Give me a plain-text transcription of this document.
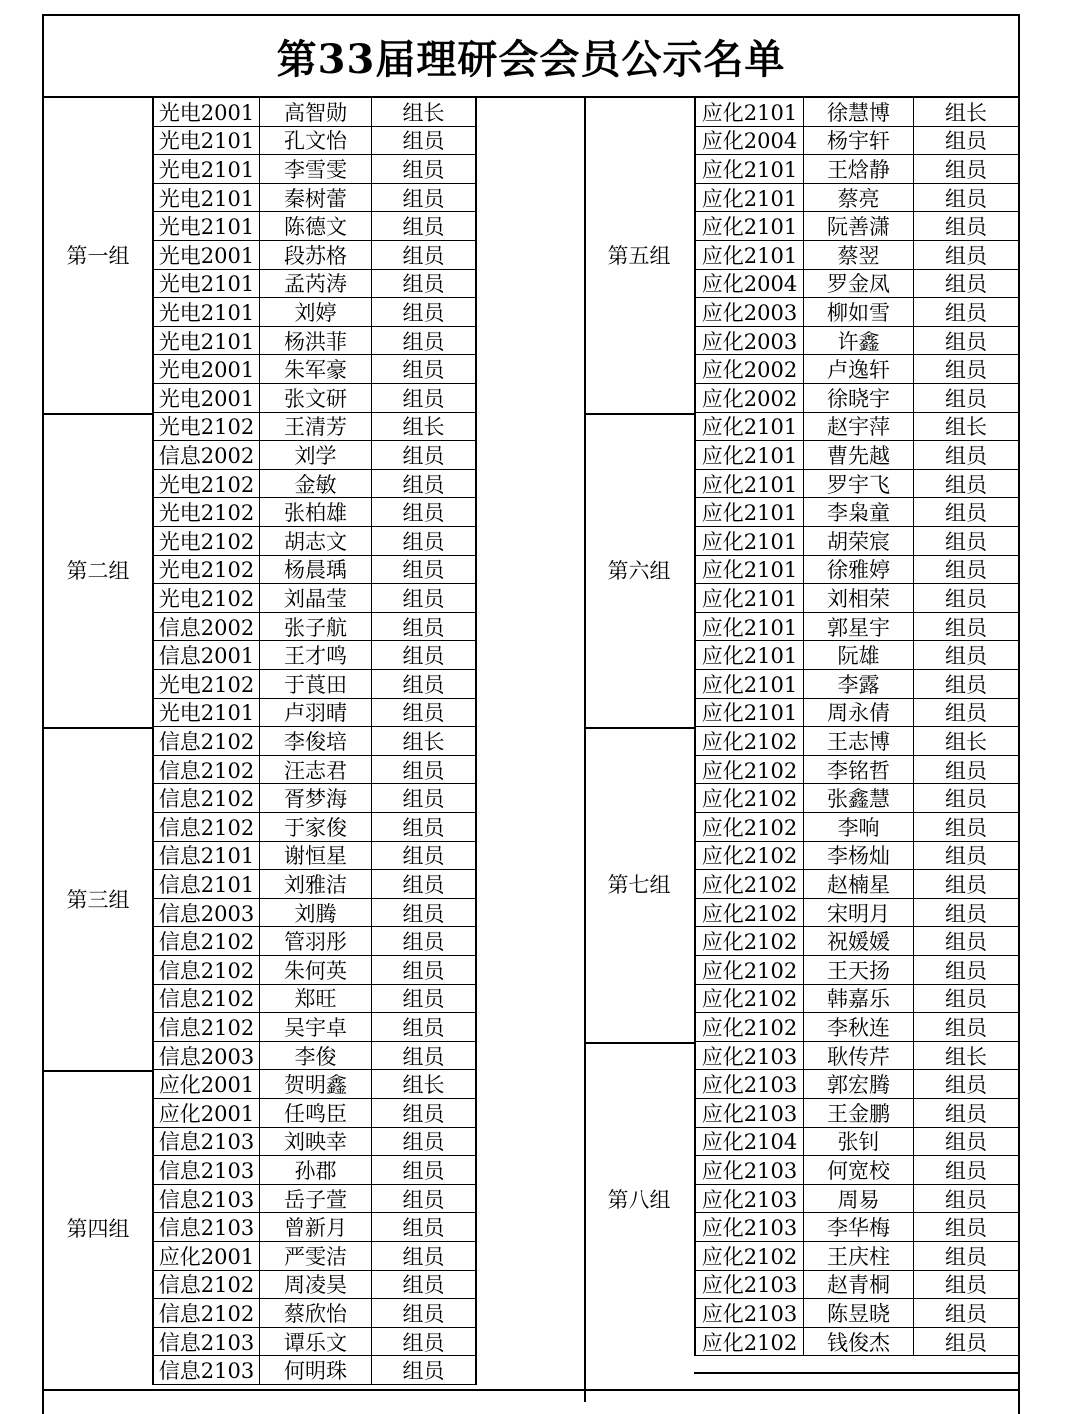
第33届理研会会员公示名单
第一组
光电2001	高智勋	组长
光电2101	孔文怡	组员
光电2101	李雪雯	组员
光电2101	秦树蕾	组员
光电2101	陈德文	组员
光电2001	段苏格	组员
光电2101	孟芮涛	组员
光电2101	刘婷	组员
光电2101	杨洪菲	组员
光电2001	朱军豪	组员
光电2001	张文研	组员
第二组
光电2102	王清芳	组长
信息2002	刘学	组员
光电2102	金敏	组员
光电2102	张柏雄	组员
光电2102	胡志文	组员
光电2102	杨晨瑀	组员
光电2102	刘晶莹	组员
信息2002	张子航	组员
信息2001	王才鸣	组员
光电2102	于莨田	组员
光电2101	卢羽晴	组员
第三组
信息2102	李俊培	组长
信息2102	汪志君	组员
信息2102	胥梦海	组员
信息2102	于家俊	组员
信息2101	谢恒星	组员
信息2101	刘雅洁	组员
信息2003	刘腾	组员
信息2102	管羽彤	组员
信息2102	朱何英	组员
信息2102	郑旺	组员
信息2102	吴宇卓	组员
信息2003	李俊	组员
第四组
应化2001	贺明鑫	组长
应化2001	任鸣臣	组员
信息2103	刘映幸	组员
信息2103	孙郡	组员
信息2103	岳子萱	组员
信息2103	曾新月	组员
应化2001	严雯洁	组员
信息2102	周凌昊	组员
信息2102	蔡欣怡	组员
信息2103	谭乐文	组员
信息2103	何明珠	组员
第五组
应化2101	徐慧博	组长
应化2004	杨宇轩	组员
应化2101	王焓静	组员
应化2101	蔡亮	组员
应化2101	阮善潇	组员
应化2101	蔡翌	组员
应化2004	罗金凤	组员
应化2003	柳如雪	组员
应化2003	许鑫	组员
应化2002	卢逸轩	组员
应化2002	徐晓宇	组员
第六组
应化2101	赵宇萍	组长
应化2101	曹先越	组员
应化2101	罗宇飞	组员
应化2101	李枭童	组员
应化2101	胡荣宸	组员
应化2101	徐雅婷	组员
应化2101	刘相荣	组员
应化2101	郭星宇	组员
应化2101	阮雄	组员
应化2101	李露	组员
应化2101	周永倩	组员
第七组
应化2102	王志博	组长
应化2102	李铭哲	组员
应化2102	张鑫慧	组员
应化2102	李响	组员
应化2102	李杨灿	组员
应化2102	赵楠星	组员
应化2102	宋明月	组员
应化2102	祝媛媛	组员
应化2102	王天扬	组员
应化2102	韩嘉乐	组员
应化2102	李秋连	组员
第八组
应化2103	耿传芹	组长
应化2103	郭宏腾	组员
应化2103	王金鹏	组员
应化2104	张钊	组员
应化2103	何宽校	组员
应化2103	周易	组员
应化2103	李华梅	组员
应化2102	王庆柱	组员
应化2103	赵青桐	组员
应化2103	陈昱晓	组员
应化2102	钱俊杰	组员
